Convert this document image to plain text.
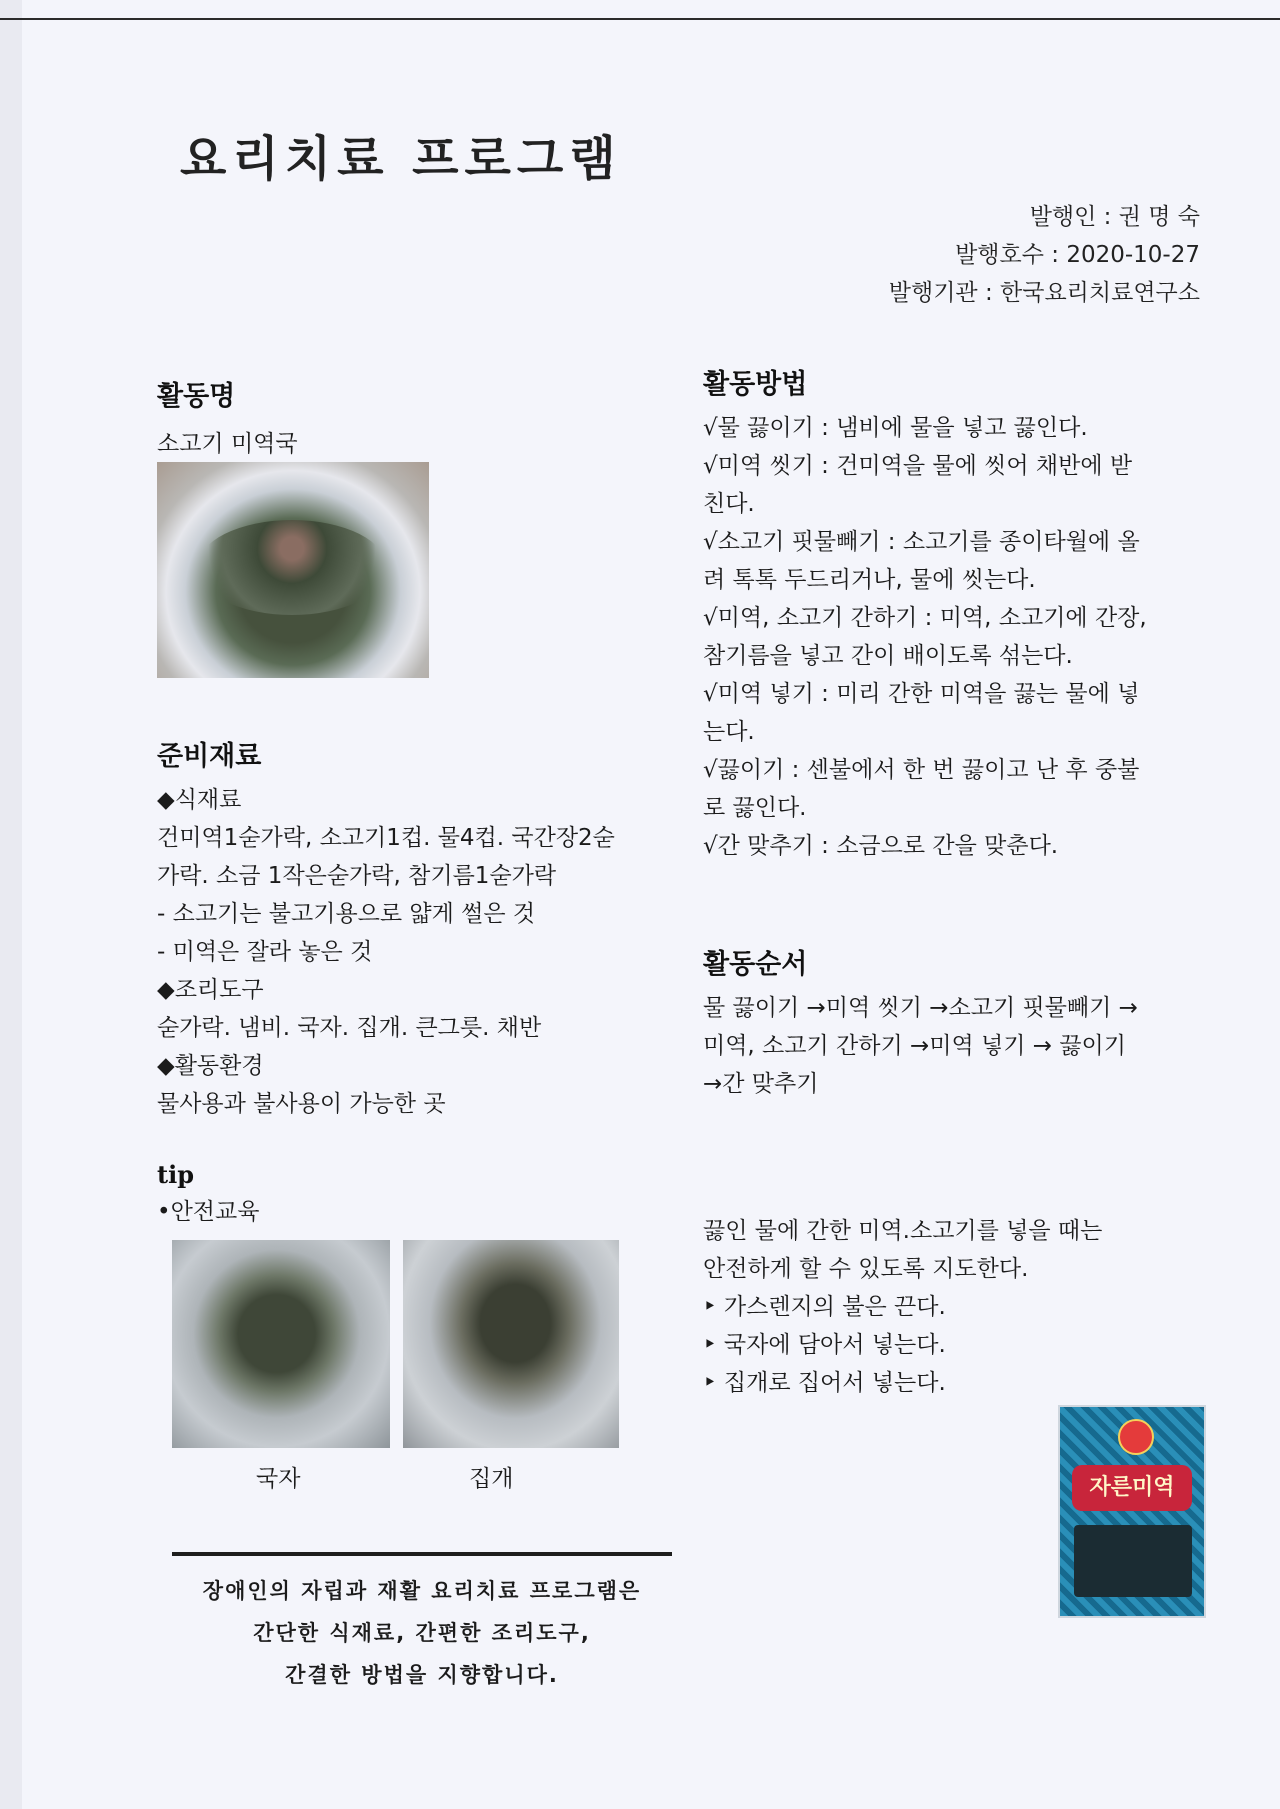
요리치료 프로그램
발행인 : 권 명 숙
발행호수 : 2020-10-27
발행기관 : 한국요리치료연구소

활동명

소고기 미역국

준비재료

◆식재료

건미역1숟가락, 소고기1컵. 물4컵. 국간장2숟

가락. 소금 1작은숟가락, 참기름1숟가락

- 소고기는 불고기용으로 얇게 썰은 것

- 미역은 잘라 놓은 것

◆조리도구

숟가락. 냄비. 국자. 집개. 큰그릇. 채반

◆활동환경

물사용과 불사용이 가능한 곳

tip

•안전교육

국자	집개
장애인의 자립과 재활 요리치료 프로그램은
간단한 식재료, 간편한 조리도구,
간결한 방법을 지향합니다.

활동방법

√물 끓이기 : 냄비에 물을 넣고 끓인다.

√미역 씻기 : 건미역을 물에 씻어 채반에 받

친다.

√소고기 핏물빼기 : 소고기를 종이타월에 올

려 톡톡 두드리거나, 물에 씻는다.

√미역, 소고기 간하기 : 미역, 소고기에 간장,

참기름을 넣고 간이 배이도록 섞는다.

√미역 넣기 : 미리 간한 미역을 끓는 물에 넣

는다.

√끓이기 : 센불에서 한 번 끓이고 난 후 중불

로 끓인다.

√간 맞추기 : 소금으로 간을 맞춘다.

활동순서

물 끓이기 →미역 씻기 →소고기 핏물빼기 →

미역, 소고기 간하기 →미역 넣기 → 끓이기

→간 맞추기

끓인 물에 간한 미역.소고기를 넣을 때는

안전하게 할 수 있도록 지도한다.

‣ 가스렌지의 불은 끈다.

‣ 국자에 담아서 넣는다.

‣ 집개로 집어서 넣는다.

자른미역
